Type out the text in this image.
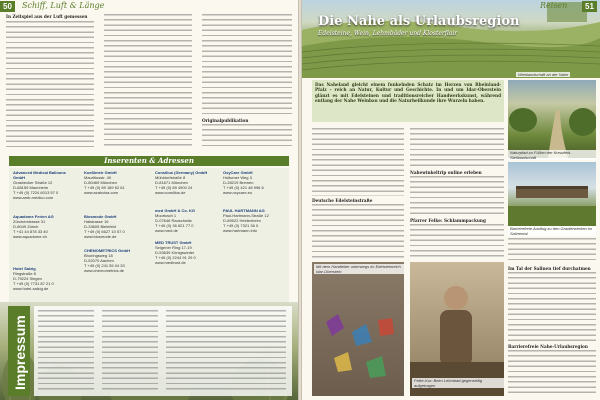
50	Schiff, Luft & Länge
In Zeitspiel aus der Luft gemessen
Originalpublikation
Inserenten & Adressen
Advanced Medical Balloons GmbH
Grasbecker Straße 12
D-68159 Mannheim
T +49 (0) 7224 6013 57 0
www.amb-medico.com
Aquadome Ferien AG
Zürcherstrasse 31
D-8049 Zürich
T +41 44 878 33 40
www.aquadome.ch
Hotel Salzig
Ringstraße 8
D-79224 Singen
T +49 (0) 7731 87 21 0
www.hotel-salzig.de
Koeßlmeir GmbH
Mauritiusstr. 40
D-80469 München
T +49 (0) 89 189 62 61
www.azahvisa.com
Biosmode GmbH
Halstrasse 16
D-33605 Bielefeld
T +49 (0) 6627 10 57 0
www.biosmode.de
CHEMOMETRICS GmbH
Bhoringsweg 18
D-52070 Aachen
T +49 (0) 241 55 04 33
www.chemometrics.de
Consilius (Germany) GmbH
Mühldorfstraße 8
D-81671 München
T +49 (0) 89 4900 24
www.consilius.de
med GmbH & Co. KG
Moorbach 1
D-07646 Rauschwitz
T +49 (0) 36 621 77 0
www.med.de
MED TRUST GmbH
Seigener Ring 17-19
D-53639 Königswinter
T +49 (0) 2244 91 29 0
www.medtrust.de
OxyCare GmbH
Holtumer Weg 3
D-28219 Bremen
T +49 (0) 421 48 996 6
www.oxycare.eu
PAUL HARTMANN AG
Paul-Hartmann-Straße 12
D-89522 Heidenheim
T +49 (0) 7321 36 0
www.hartmann.info
Impressum
Reisen	51
Die Nahe als Urlaubsregion
Edelsteine, Wein, Lehmbäder und Klosterflair
Weinlandschaft an der Nahe
Das Naheland gleicht einem funkelnden Schatz im Herzen von Rheinland-Pfalz – reich an Natur, Kultur und Geschichte. In und um Idar-Oberstein glänzt es mit Edelsteinen und traditionsreicher Handwerkskunst, während entlang der Nahe Weinbau und die Naturheilkunde ihre Wurzeln haben.
Naturpfad zu Füßen der Kreuzfels-Steillandschaft
Deutsche Edelsteinstraße
Nahewinkeltrip online erleben
Pfarrer Felke: Schlammpackung
Barrierefreie Ausflug zu den Gradierwerken im Salinental
Im Tal der Salinen tief durchatmen
Barrierefreie Nahe-Urlaubsregion
Mit dem Handleiter unterwegs im Edelsteinreich Idar-Oberstein
Felke-Kur: Beim Lehmbad gegenseitig aufgetragen
